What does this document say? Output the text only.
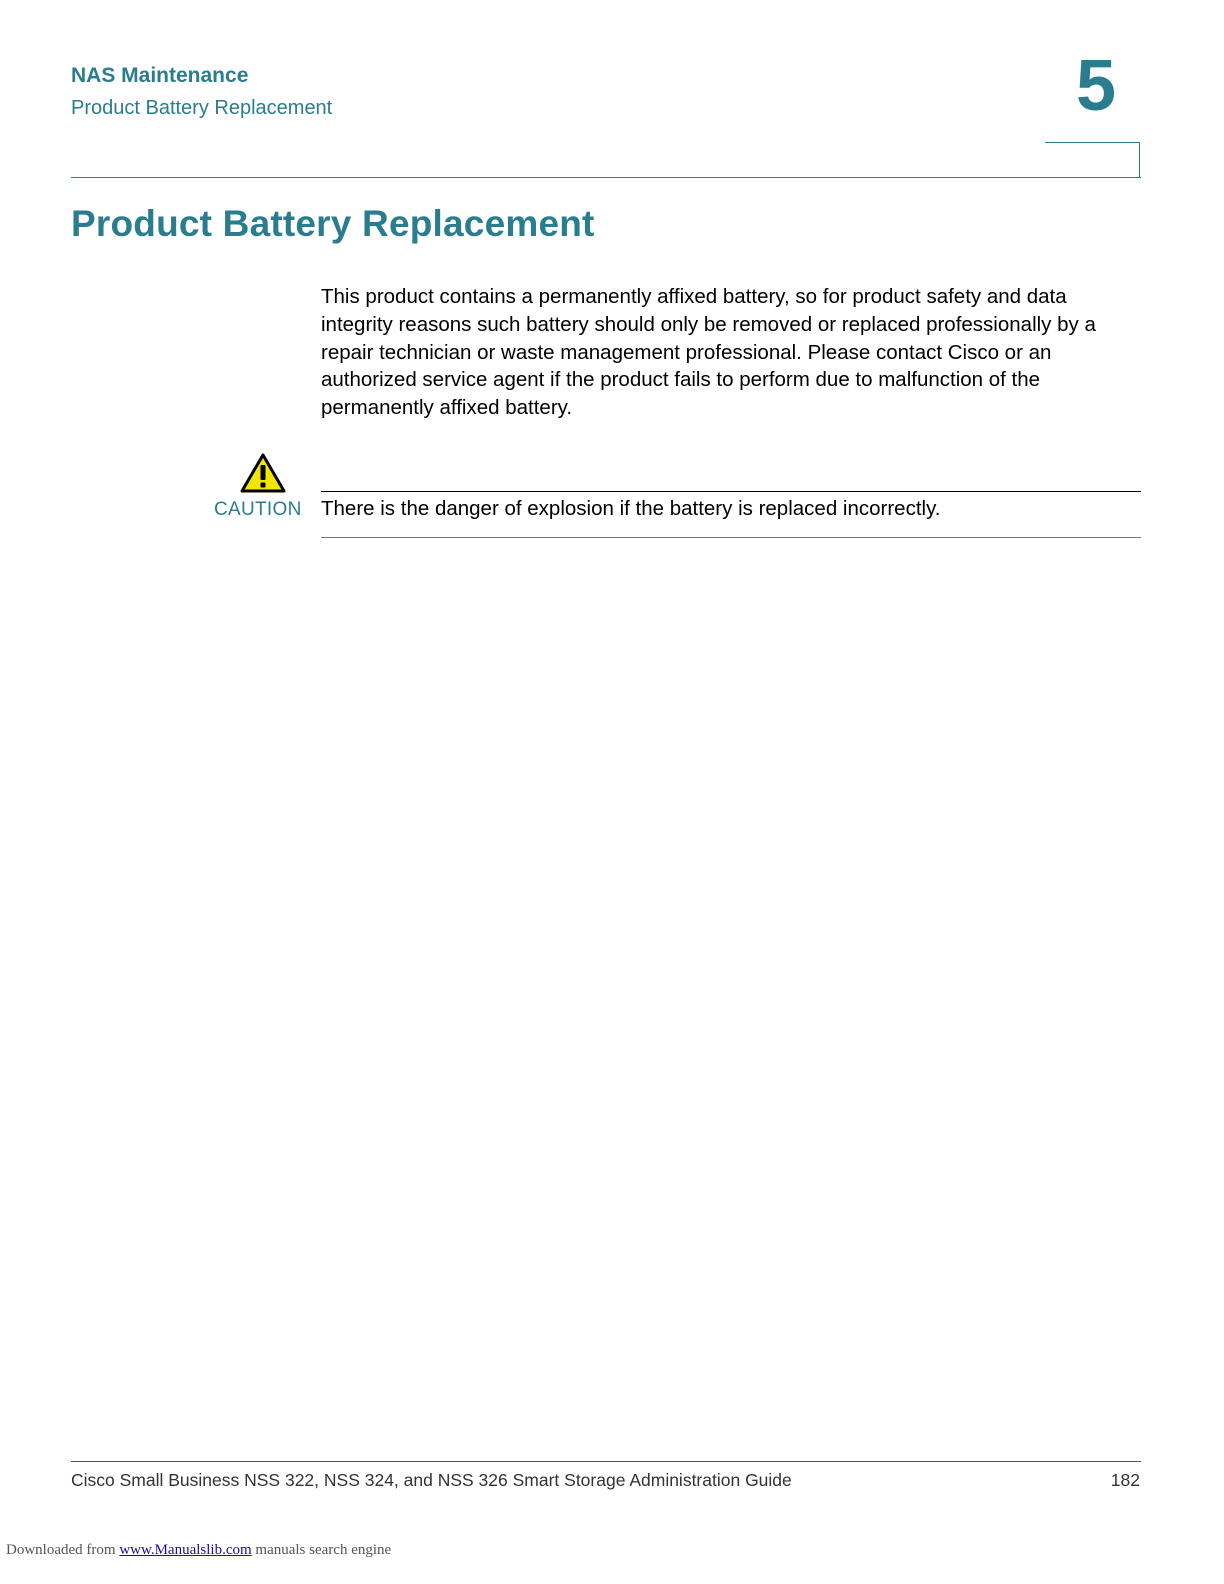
NAS Maintenance
Product Battery Replacement	5
Product Battery Replacement

This product contains a permanently affixed battery, so for product safety and data integrity reasons such battery should only be removed or replaced professionally by a repair technician or waste management professional. Please contact Cisco or an authorized service agent if the product fails to perform due to malfunction of the permanently affixed battery.

CAUTION There is the danger of explosion if the battery is replaced incorrectly.
Cisco Small Business NSS 322, NSS 324, and NSS 326 Smart Storage Administration Guide	182
Downloaded from www.Manualslib.com manuals search engine
